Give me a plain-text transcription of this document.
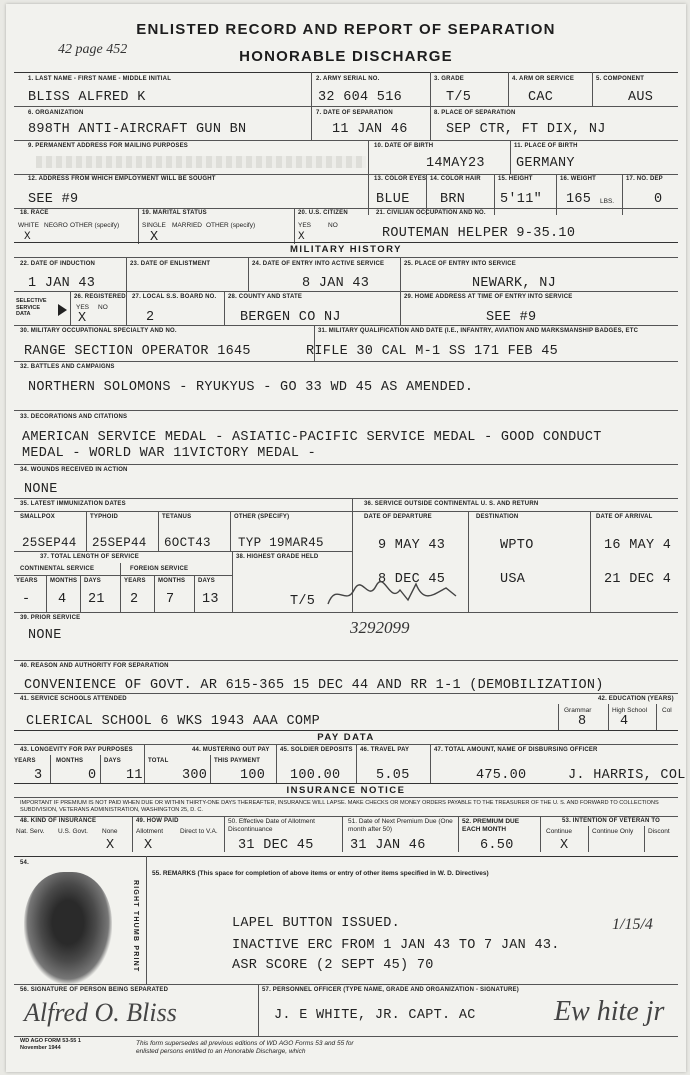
ENLISTED RECORD AND REPORT OF SEPARATION
42 page 452	HONORABLE DISCHARGE
1. LAST NAME - FIRST NAME - MIDDLE INITIAL	2. ARMY SERIAL NO.	3. GRADE	4. ARM OR SERVICE	5. COMPONENT
BLISS ALFRED K	32 604 516	T/5	CAC	AUS
6. ORGANIZATION	7. DATE OF SEPARATION	8. PLACE OF SEPARATION
898TH ANTI-AIRCRAFT GUN BN	11 JAN 46	SEP CTR, FT DIX, NJ
9. PERMANENT ADDRESS FOR MAILING PURPOSES	10. DATE OF BIRTH	11. PLACE OF BIRTH
14MAY23 GERMANY
12. ADDRESS FROM WHICH EMPLOYMENT WILL BE SOUGHT	13. COLOR EYES 14. COLOR HAIR	15. HEIGHT	16. WEIGHT	17. NO. DEP
SEE #9	BLUE BRN	5'11" 165 LBS.	0
18. RACE
WHITE NEGRO OTHER (specify)
X
19. MARITAL STATUS
SINGLE MARRIED OTHER (specify)
X
20. U.S. CITIZEN
YES	NO
X
21. CIVILIAN OCCUPATION AND NO.
ROUTEMAN HELPER 9-35.10
MILITARY HISTORY
22. DATE OF INDUCTION	23. DATE OF ENLISTMENT	24. DATE OF ENTRY INTO ACTIVE SERVICE	25. PLACE OF ENTRY INTO SERVICE
1 JAN 43	8 JAN 43	NEWARK, NJ
SELECTIVE SERVICE DATA
26. REGISTERED
YES NO
X
27. LOCAL S.S. BOARD NO.
2
28. COUNTY AND STATE
BERGEN CO NJ
29. HOME ADDRESS AT TIME OF ENTRY INTO SERVICE
SEE #9
30. MILITARY OCCUPATIONAL SPECIALTY AND NO.	31. MILITARY QUALIFICATION AND DATE (I.E., INFANTRY, AVIATION AND MARKSMANSHIP BADGES, ETC
RANGE SECTION OPERATOR 1645	RIFLE 30 CAL M-1 SS 171 FEB 45
32. BATTLES AND CAMPAIGNS
NORTHERN SOLOMONS - RYUKYUS - GO 33 WD 45 AS AMENDED.
33. DECORATIONS AND CITATIONS
AMERICAN SERVICE MEDAL - ASIATIC-PACIFIC SERVICE MEDAL - GOOD CONDUCT
MEDAL - WORLD WAR 11VICTORY MEDAL -
34. WOUNDS RECEIVED IN ACTION
NONE
35. LATEST IMMUNIZATION DATES	36. SERVICE OUTSIDE CONTINENTAL U. S. AND RETURN
SMALLPOX	TYPHOID	TETANUS	OTHER (SPECIFY)	DATE OF DEPARTURE	DESTINATION	DATE OF ARRIVAL
25SEP44 25SEP44 6OCT43 TYP 19MAR45	9 MAY 43	WPTO	16 MAY 4
8 DEC 45	USA	21 DEC 4
37. TOTAL LENGTH OF SERVICE	38. HIGHEST GRADE HELD
CONTINENTAL SERVICE	FOREIGN SERVICE
YEARS MONTHS DAYS	YEARS MONTHS DAYS
- 4 21 2 7 13	T/5
39. PRIOR SERVICE
NONE	3292099
40. REASON AND AUTHORITY FOR SEPARATION
CONVENIENCE OF GOVT. AR 615-365 15 DEC 44 AND RR 1-1 (DEMOBILIZATION)
41. SERVICE SCHOOLS ATTENDED	42. EDUCATION (YEARS)
Grammar	High School Col
CLERICAL SCHOOL 6 WKS 1943 AAA COMP	8 4
PAY DATA
43. LONGEVITY FOR PAY PURPOSES	44. MUSTERING OUT PAY 45. SOLDIER DEPOSITS 46. TRAVEL PAY	47. TOTAL AMOUNT, NAME OF DISBURSING OFFICER
YEARS	MONTHS	DAYS	TOTAL	THIS PAYMENT
3	0 11	300 100 100.00	5.05	475.00	J. HARRIS, COL
INSURANCE NOTICE
IMPORTANT IF PREMIUM IS NOT PAID WHEN DUE OR WITHIN THIRTY-ONE DAYS THEREAFTER, INSURANCE WILL LAPSE. MAKE CHECKS OR MONEY ORDERS PAYABLE TO THE TREASURER OF THE U. S. AND FORWARD TO COLLECTIONS SUBDIVISION, VETERANS ADMINISTRATION, WASHINGTON 25, D. C.
48. KIND OF INSURANCE
Nat. Serv. U.S. Govt. None
X
49. HOW PAID
Allotment	Direct to V.A.
X
50. Effective Date of Allotment Discontinuance
51. Date of Next Premium Due (One month after 50)
52. PREMIUM DUE EACH MONTH
53. INTENTION OF VETERAN TO
Continue	Continue Only Discont
31 DEC 45	31 JAN 46	6.50	X
54.
RIGHT THUMB PRINT
55. REMARKS (This space for completion of above items or entry of other items specified in W. D. Directives)
LAPEL BUTTON ISSUED.
INACTIVE ERC FROM 1 JAN 43 TO 7 JAN 43.
ASR SCORE (2 SEPT 45) 70
1/15/4
56. SIGNATURE OF PERSON BEING SEPARATED	57. PERSONNEL OFFICER (TYPE NAME, GRADE AND ORGANIZATION - SIGNATURE)
Alfred O. Bliss	J. E WHITE, JR. CAPT. AC	Ew hite jr
WD AGO FORM 53-55 1 November 1944
This form supersedes all previous editions of WD AGO Forms 53 and 55 for enlisted persons entitled to an Honorable Discharge, which
